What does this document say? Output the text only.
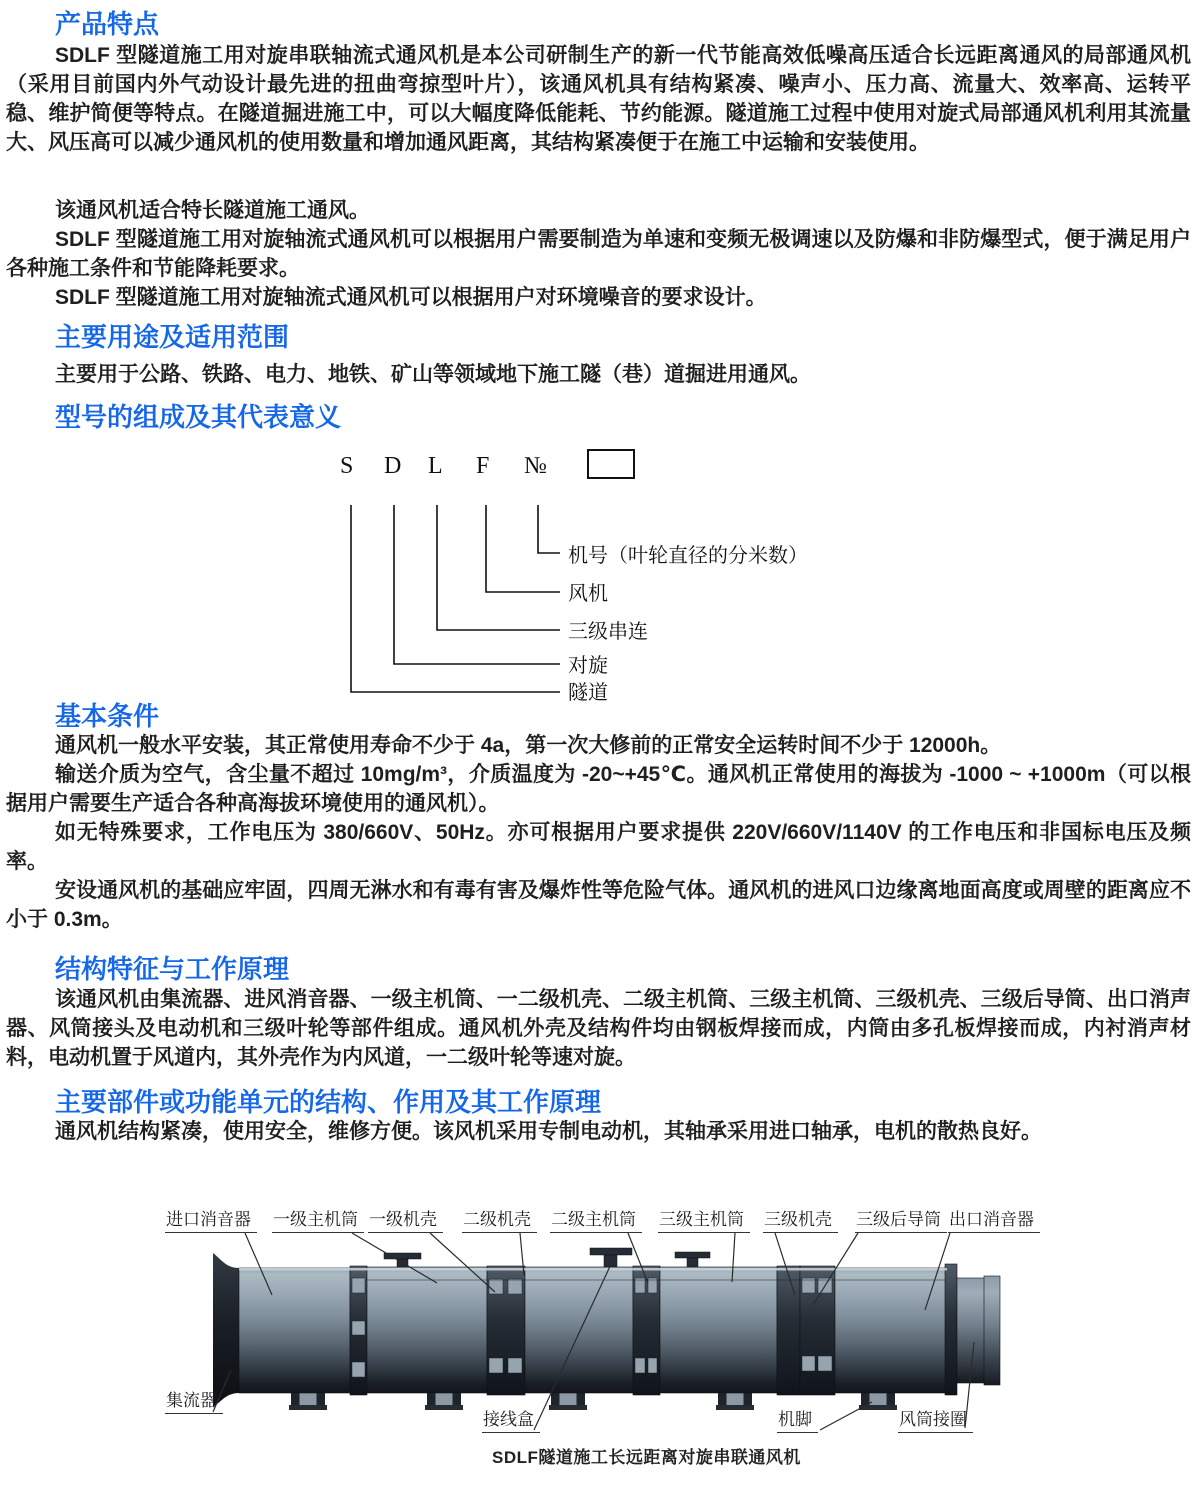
产品特点
SDLF 型隧道施工用对旋串联轴流式通风机是本公司研制生产的新一代节能高效低噪高压适合长远距离通风的局部通风机（采用目前国内外气动设计最先进的扭曲弯掠型叶片），该通风机具有结构紧凑、噪声小、压力高、流量大、效率高、运转平稳、维护简便等特点。在隧道掘进施工中，可以大幅度降低能耗、节约能源。隧道施工过程中使用对旋式局部通风机利用其流量大、风压高可以减少通风机的使用数量和增加通风距离，其结构紧凑便于在施工中运输和安装使用。
该通风机适合特长隧道施工通风。
SDLF 型隧道施工用对旋轴流式通风机可以根据用户需要制造为单速和变频无极调速以及防爆和非防爆型式，便于满足用户各种施工条件和节能降耗要求。
SDLF 型隧道施工用对旋轴流式通风机可以根据用户对环境噪音的要求设计。
主要用途及适用范围
主要用于公路、铁路、电力、地铁、矿山等领域地下施工隧（巷）道掘进用通风。
型号的组成及其代表意义
S D L F №
机号（叶轮直径的分米数）
风机
三级串连
对旋
隧道
基本条件

通风机一般水平安装，其正常使用寿命不少于 4a，第一次大修前的正常安全运转时间不少于 12000h。

输送介质为空气，含尘量不超过 10mg/m³，介质温度为 -20~+45℃。通风机正常使用的海拔为 -1000 ~ +1000m（可以根据用户需要生产适合各种高海拔环境使用的通风机）。

如无特殊要求，工作电压为 380/660V、50Hz。亦可根据用户要求提供 220V/660V/1140V 的工作电压和非国标电压及频率。

安设通风机的基础应牢固，四周无淋水和有毒有害及爆炸性等危险气体。通风机的进风口边缘离地面高度或周壁的距离应不小于 0.3m。

结构特征与工作原理
该通风机由集流器、进风消音器、一级主机筒、一二级机壳、二级主机筒、三级主机筒、三级机壳、三级后导筒、出口消声器、风筒接头及电动机和三级叶轮等部件组成。通风机外壳及结构件均由钢板焊接而成，内筒由多孔板焊接而成，内衬消声材料，电动机置于风道内，其外壳作为内风道，一二级叶轮等速对旋。
主要部件或功能单元的结构、作用及其工作原理
通风机结构紧凑，使用安全，维修方便。该风机采用专制电动机，其轴承采用进口轴承，电机的散热良好。
进口消音器	一级主机筒 一级机壳	二级机壳	二级主机筒	三级主机筒	三级机壳	三级后导筒 出口消音器
集流器
接线盒	机脚	风筒接圈
SDLF隧道施工长远距离对旋串联通风机
